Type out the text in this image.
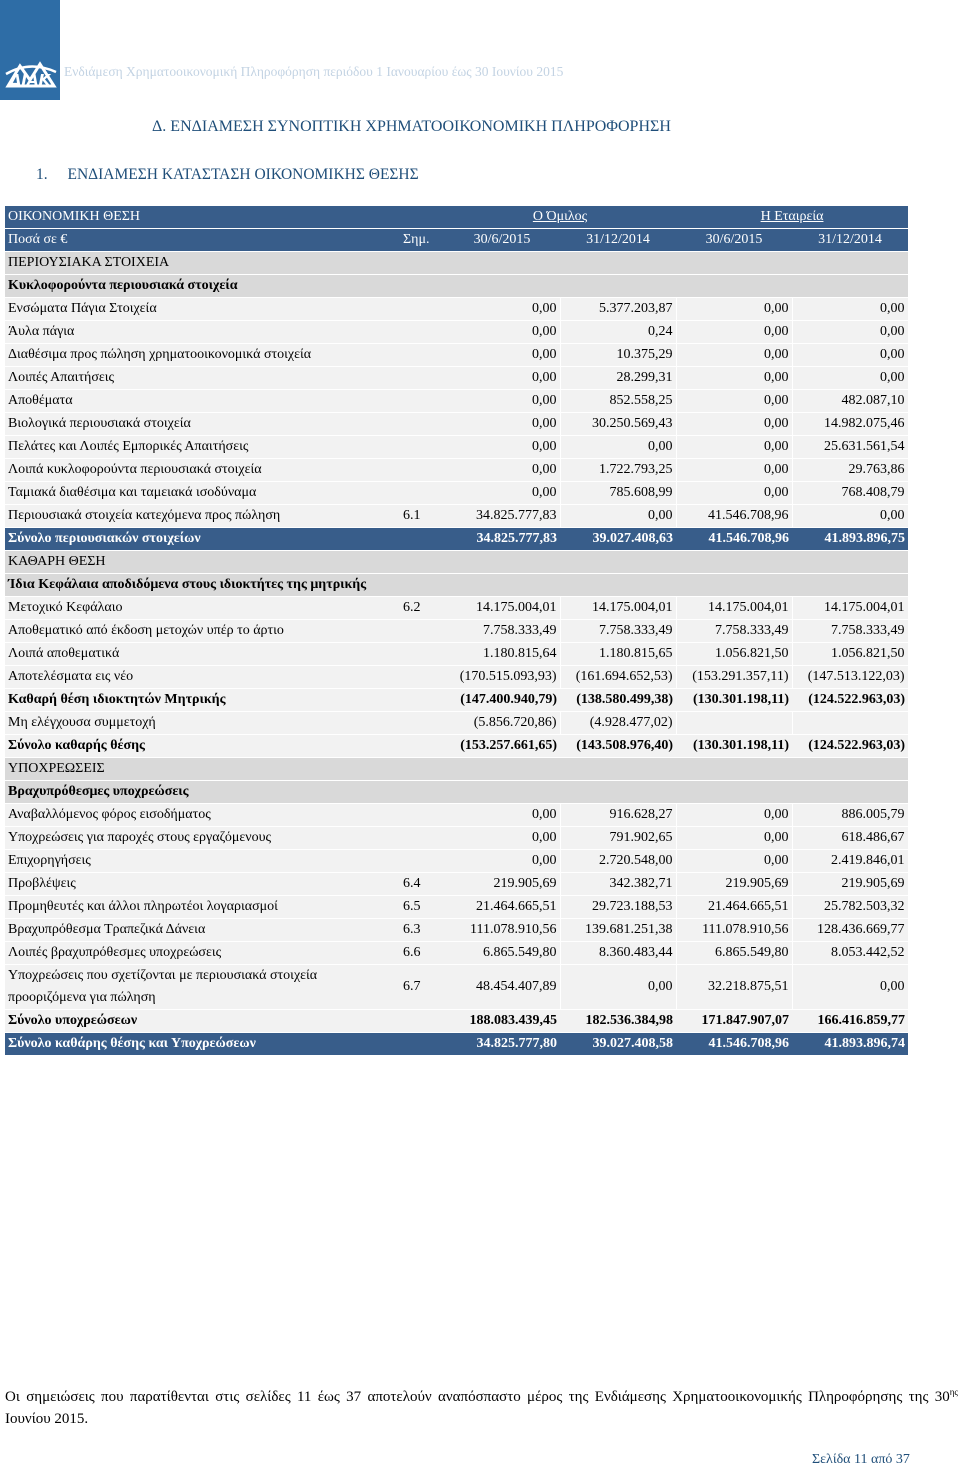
ΔΙΑΚ Ενδιάμεση Χρηματοοικονομική Πληροφόρηση περιόδου 1 Ιανουαρίου έως 30 Ιουνίου 2015
Δ. ΕΝΔΙΑΜΕΣΗ ΣΥΝΟΠΤΙΚΗ ΧΡΗΜΑΤΟΟΙΚΟΝΟΜΙΚΗ ΠΛΗΡΟΦΟΡΗΣΗ
1. ΕΝΔΙΑΜΕΣΗ ΚΑΤΑΣΤΑΣΗ ΟΙΚΟΝΟΜΙΚΗΣ ΘΕΣΗΣ
ΟΙΚΟΝΟΜΙΚΗ ΘΕΣΗ		Ο Όμιλος		Η Εταιρεία	
Ποσά σε €	Σημ.	30/6/2015	31/12/2014	30/6/2015	31/12/2014
ΠΕΡΙΟΥΣΙΑΚΑ ΣΤΟΙΧΕΙΑ					
Κυκλοφορούντα περιουσιακά στοιχεία					
Ενσώματα Πάγια Στοιχεία		0,00	5.377.203,87	0,00	0,00
Άυλα πάγια		0,00	0,24	0,00	0,00
Διαθέσιμα προς πώληση χρηματοοικονομικά στοιχεία		0,00	10.375,29	0,00	0,00
Λοιπές Απαιτήσεις		0,00	28.299,31	0,00	0,00
Αποθέματα		0,00	852.558,25	0,00	482.087,10
Βιολογικά περιουσιακά στοιχεία		0,00	30.250.569,43	0,00	14.982.075,46
Πελάτες και Λοιπές Εμπορικές Απαιτήσεις		0,00	0,00	0,00	25.631.561,54
Λοιπά κυκλοφορούντα περιουσιακά στοιχεία		0,00	1.722.793,25	0,00	29.763,86
Ταμιακά διαθέσιμα και ταμειακά ισοδύναμα		0,00	785.608,99	0,00	768.408,79
Περιουσιακά στοιχεία κατεχόμενα προς πώληση	6.1	34.825.777,83	0,00	41.546.708,96	0,00
Σύνολο περιουσιακών στοιχείων		34.825.777,83	39.027.408,63	41.546.708,96	41.893.896,75
ΚΑΘΑΡΗ ΘΕΣΗ					
Ίδια Κεφάλαια αποδιδόμενα στους ιδιοκτήτες της μητρικής					
Μετοχικό Κεφάλαιο	6.2	14.175.004,01	14.175.004,01	14.175.004,01	14.175.004,01
Αποθεματικό από έκδοση μετοχών υπέρ το άρτιο		7.758.333,49	7.758.333,49	7.758.333,49	7.758.333,49
Λοιπά αποθεματικά		1.180.815,64	1.180.815,65	1.056.821,50	1.056.821,50
Αποτελέσματα εις νέο		(170.515.093,93)	(161.694.652,53)	(153.291.357,11)	(147.513.122,03)
Καθαρή θέση ιδιοκτητών Μητρικής		(147.400.940,79)	(138.580.499,38)	(130.301.198,11)	(124.522.963,03)
Μη ελέγχουσα συμμετοχή		(5.856.720,86)	(4.928.477,02)		
Σύνολο καθαρής θέσης		(153.257.661,65)	(143.508.976,40)	(130.301.198,11)	(124.522.963,03)
ΥΠΟΧΡΕΩΣΕΙΣ					
Βραχυπρόθεσμες υποχρεώσεις					
Αναβαλλόμενος φόρος εισοδήματος		0,00	916.628,27	0,00	886.005,79
Υποχρεώσεις για παροχές στους εργαζόμενους		0,00	791.902,65	0,00	618.486,67
Επιχορηγήσεις		0,00	2.720.548,00	0,00	2.419.846,01
Προβλέψεις	6.4	219.905,69	342.382,71	219.905,69	219.905,69
Προμηθευτές και άλλοι πληρωτέοι λογαριασμοί	6.5	21.464.665,51	29.723.188,53	21.464.665,51	25.782.503,32
Βραχυπρόθεσμα Τραπεζικά Δάνεια	6.3	111.078.910,56	139.681.251,38	111.078.910,56	128.436.669,77
Λοιπές βραχυπρόθεσμες υποχρεώσεις	6.6	6.865.549,80	8.360.483,44	6.865.549,80	8.053.442,52
Υποχρεώσεις που σχετίζονται με περιουσιακά στοιχεία προοριζόμενα για πώληση	6.7	48.454.407,89	0,00	32.218.875,51	0,00
Σύνολο υποχρεώσεων		188.083.439,45	182.536.384,98	171.847.907,07	166.416.859,77
Σύνολο καθάρης θέσης και Υποχρεώσεων		34.825.777,80	39.027.408,58	41.546.708,96	41.893.896,74
Οι σημειώσεις που παρατίθενται στις σελίδες 11 έως 37 αποτελούν αναπόσπαστο μέρος της Ενδιάμεσης Χρηματοοικονομικής Πληροφόρησης της $30^{\eta\varsigma}$ Ιουνίου 2015.
Σελίδα 11 από 37
